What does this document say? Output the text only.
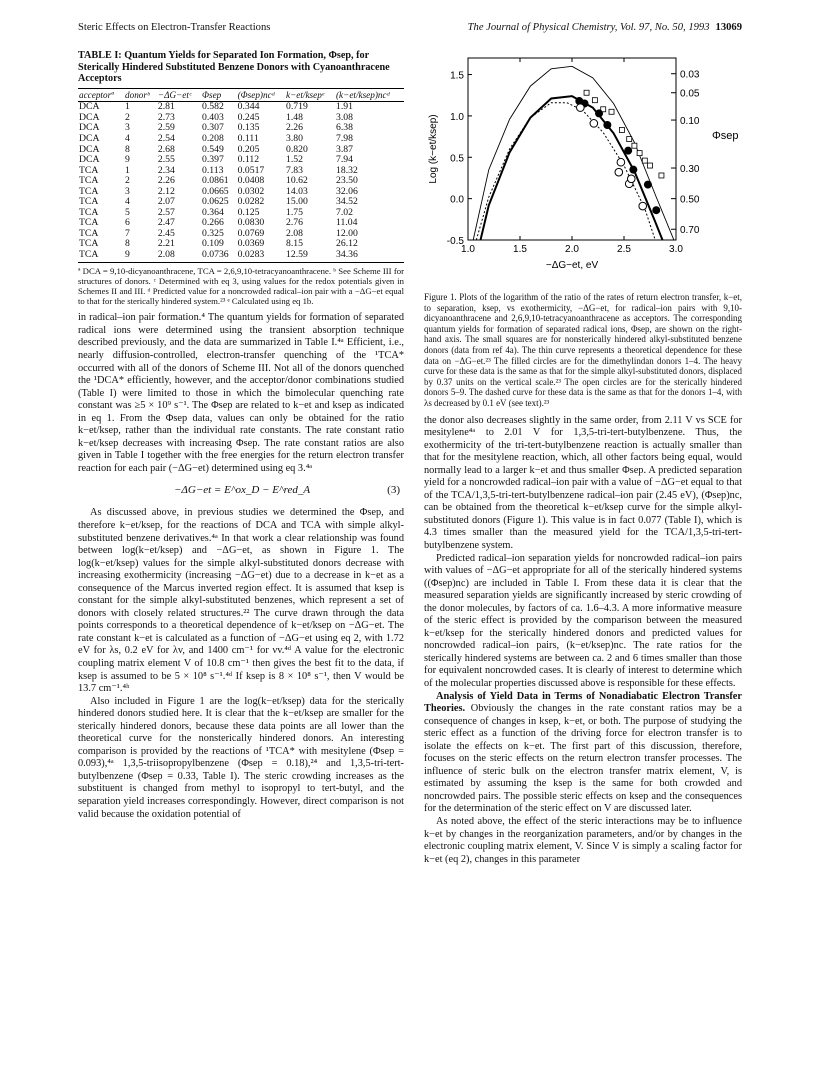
Steric Effects on Electron-Transfer Reactions	The Journal of Physical Chemistry, Vol. 97, No. 50, 1993 13069
TABLE I: Quantum Yields for Separated Ion Formation, Φsep, for Sterically Hindered Substituted Benzene Donors with Cyanoanthracene Acceptors
acceptorª	donorᵇ	−ΔG−etᶜ	Φsep	(Φsep)ncᵈ	k−et/ksepᵉ	(k−et/ksep)ncᵈ
DCA	1	2.81	0.582	0.344	0.719	1.91
DCA	2	2.73	0.403	0.245	1.48	3.08
DCA	3	2.59	0.307	0.135	2.26	6.38
DCA	4	2.54	0.208	0.111	3.80	7.98
DCA	8	2.68	0.549	0.205	0.820	3.87
DCA	9	2.55	0.397	0.112	1.52	7.94
TCA	1	2.34	0.113	0.0517	7.83	18.32
TCA	2	2.26	0.0861	0.0408	10.62	23.50
TCA	3	2.12	0.0665	0.0302	14.03	32.06
TCA	4	2.07	0.0625	0.0282	15.00	34.52
TCA	5	2.57	0.364	0.125	1.75	7.02
TCA	6	2.47	0.266	0.0830	2.76	11.04
TCA	7	2.45	0.325	0.0769	2.08	12.00
TCA	8	2.21	0.109	0.0369	8.15	26.12
TCA	9	2.08	0.0736	0.0283	12.59	34.36
ª DCA = 9,10-dicyanoanthracene, TCA = 2,6,9,10-tetracyanoanthracene. ᵇ See Scheme III for structures of donors. ᶜ Determined with eq 3, using values for the redox potentials given in Schemes II and III. ᵈ Predicted value for a noncrowded radical–ion pair with a −ΔG−et equal to that for the sterically hindered system.²³ ᵉ Calculated using eq 1b.

in radical–ion pair formation.⁴ The quantum yields for formation of separated radical ions were determined using the transient absorption technique described previously, and the data are summarized in Table I.⁴ᵃ Efficient, i.e., nearly diffusion-controlled, electron-transfer quenching of the ¹TCA* occurred with all of the donors of Scheme III. Not all of the donors quenched the ¹DCA* efficiently, however, and the acceptor/donor combinations studied (Table I) were limited to those in which the bimolecular quenching rate constant was ≥5 × 10⁹ s⁻¹. The Φsep are related to k−et and ksep as indicated in eq 1. From the Φsep data, values can only be obtained for the ratio k−et/ksep, rather than the individual rate constants. The rate constant ratio k−et/ksep decreases with increasing Φsep. The rate constant ratios are also given in Table I together with the free energies for the return electron transfer reaction for each pair (−ΔG−et) determined using eq 3.⁴ᵃ

−ΔG−et = E^ox_D − E^red_A	(3)

As discussed above, in previous studies we determined the Φsep, and therefore k−et/ksep, for the reactions of DCA and TCA with simple alkyl-substituted benzene derivatives.⁴ᵃ In that work a clear relationship was found between log(k−et/ksep) and −ΔG−et, as shown in Figure 1. The log(k−et/ksep) values for the simple alkyl-substituted donors decrease with increasing exothermicity (increasing −ΔG−et) due to a decrease in k−et as a consequence of the Marcus inverted region effect. It is assumed that ksep is constant for the simple alkyl-substituted benzenes, which represent a set of donors with closely related structures.²² The curve drawn through the data points corresponds to a theoretical dependence of k−et/ksep on −ΔG−et. The rate constant k−et is calculated as a function of −ΔG−et using eq 2, with 1.72 eV for λs, 0.2 eV for λv, and 1400 cm⁻¹ for νv.⁴ᵈ A value for the electronic coupling matrix element V of 10.8 cm⁻¹ then gives the best fit to the data, if ksep is assumed to be 5 × 10⁸ s⁻¹.⁴ᵈ If ksep is 8 × 10⁸ s⁻¹, then V would be 13.7 cm⁻¹.⁴ʰ

Also included in Figure 1 are the log(k−et/ksep) data for the sterically hindered donors studied here. It is clear that the k−et/ksep are smaller for the sterically hindered donors, because these data points are all lower than the theoretical curve for the nonsterically hindered donors. An interesting comparison is provided by the reactions of ¹TCA* with mesitylene (Φsep = 0.093),⁴ᵃ 1,3,5-triisopropylbenzene (Φsep = 0.18),²⁴ and 1,3,5-tri-tert-butylbenzene (Φsep = 0.33, Table I). The steric crowding increases as the substituent is changed from methyl to isopropyl to tert-butyl, and the separation yield increases correspondingly. However, direct comparison is not valid because the oxidation potential of

1.0	1.5	2.0	2.5	3.0
-0.5
0.0
0.5
1.0
1.5	0.03
0.05
0.10
0.30
0.50
0.70
−ΔG−et, eV
Log (k−et/ksep)	Φsep
Figure 1. Plots of the logarithm of the ratio of the rates of return electron transfer, k−et, to separation, ksep, vs exothermicity, −ΔG−et, for radical–ion pairs with 9,10-dicyanoanthracene and 2,6,9,10-tetracyanoanthracene as acceptors. The corresponding quantum yields for formation of separated radical ions, Φsep, are shown on the right-hand axis. The small squares are for nonsterically hindered alkyl-substituted benzene donors (data from ref 4a). The thin curve represents a theoretical dependence for these data on −ΔG−et.²³ The filled circles are for the dimethylindan donors 1–4. The heavy curve for these data is the same as that for the simple alkyl-substituted donors, displaced by 0.37 units on the vertical scale.²³ The open circles are for the sterically hindered donors 5–9. The dashed curve for these data is the same as that for the donors 1–4, with λs decreased by 0.1 eV (see text).²³

the donor also decreases slightly in the same order, from 2.11 V vs SCE for mesitylene⁴ᵃ to 2.01 V for 1,3,5-tri-tert-butylbenzene. Thus, the exothermicity of the tri-tert-butylbenzene reaction is actually smaller than that for the mesitylene reaction, which, all other factors being equal, would normally lead to a larger k−et and thus smaller Φsep. A predicted separation yield for a noncrowded radical–ion pair with a value of −ΔG−et equal to that of the TCA/1,3,5-tri-tert-butylbenzene radical–ion pair (2.45 eV), (Φsep)nc, can be obtained from the theoretical k−et/ksep curve for the simple alkyl-substituted donors (Figure 1). This value is in fact 0.077 (Table I), which is 4.3 times smaller than the measured yield for the TCA/1,3,5-tri-tert-butylbenzene system.

Predicted radical–ion separation yields for noncrowded radical–ion pairs with values of −ΔG−et appropriate for all of the sterically hindered systems ((Φsep)nc) are included in Table I. From these data it is clear that the measured separation yields are significantly increased by steric crowding of the donor molecules, by factors of ca. 1.6–4.3. A more informative measure of the steric effect is provided by the comparison between the measured k−et/ksep for the sterically hindered donors and predicted values for noncrowded radical–ion pairs, (k−et/ksep)nc. The rate ratios for the sterically hindered systems are between ca. 2 and 6 times smaller than those for equivalent noncrowded cases. It is clearly of interest to determine which of the molecular properties discussed above is responsible for these effects.

Analysis of Yield Data in Terms of Nonadiabatic Electron Transfer Theories. Obviously the changes in the rate constant ratios may be a consequence of changes in ksep, k−et, or both. The purpose of studying the steric effect as a function of the driving force for electron transfer is to isolate the effects on k−et. The first part of this discussion, therefore, focuses on the steric effects on the return electron transfer processes. The influence of steric bulk on the electron transfer matrix element, V, is estimated by assuming the ksep is the same for both crowded and noncrowded pairs. The possible steric effects on ksep and the consequences for the determination of the steric effect on V are discussed later.

As noted above, the effect of the steric interactions may be to influence k−et by changes in the reorganization parameters, and/or by changes in the electronic coupling matrix element, V. Since V is simply a scaling factor for k−et (eq 2), changes in this parameter
